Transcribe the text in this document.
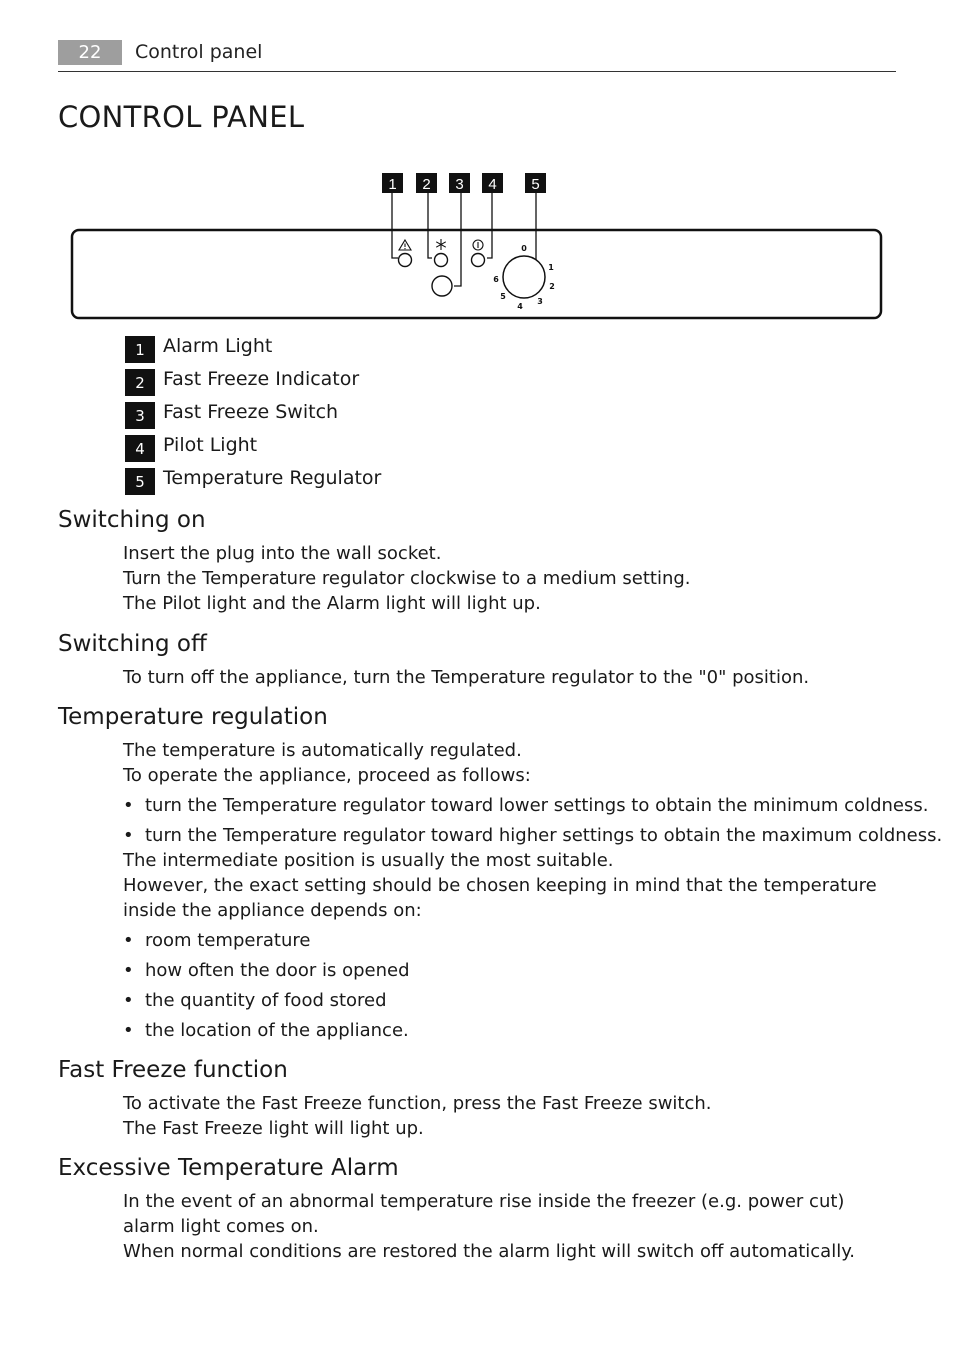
22	Control panel
CONTROL PANEL
1 2 3 4 5
0
1
2
3
4
5
6
1 Alarm Light
2 Fast Freeze Indicator
3 Fast Freeze Switch
4 Pilot Light
5 Temperature Regulator
Switching on
Insert the plug into the wall socket.
Turn the Temperature regulator clockwise to a medium setting.
The Pilot light and the Alarm light will light up.
Switching off
To turn off the appliance, turn the Temperature regulator to the "0" position.
Temperature regulation
The temperature is automatically regulated.
To operate the appliance, proceed as follows:
• turn the Temperature regulator toward lower settings to obtain the minimum coldness.
• turn the Temperature regulator toward higher settings to obtain the maximum coldness.
The intermediate position is usually the most suitable.
However, the exact setting should be chosen keeping in mind that the temperature inside the appliance depends on:
• room temperature
• how often the door is opened
• the quantity of food stored
• the location of the appliance.
Fast Freeze function
To activate the Fast Freeze function, press the Fast Freeze switch.
The Fast Freeze light will light up.
Excessive Temperature Alarm
In the event of an abnormal temperature rise inside the freezer (e.g. power cut) alarm light comes on.
When normal conditions are restored the alarm light will switch off automatically.
